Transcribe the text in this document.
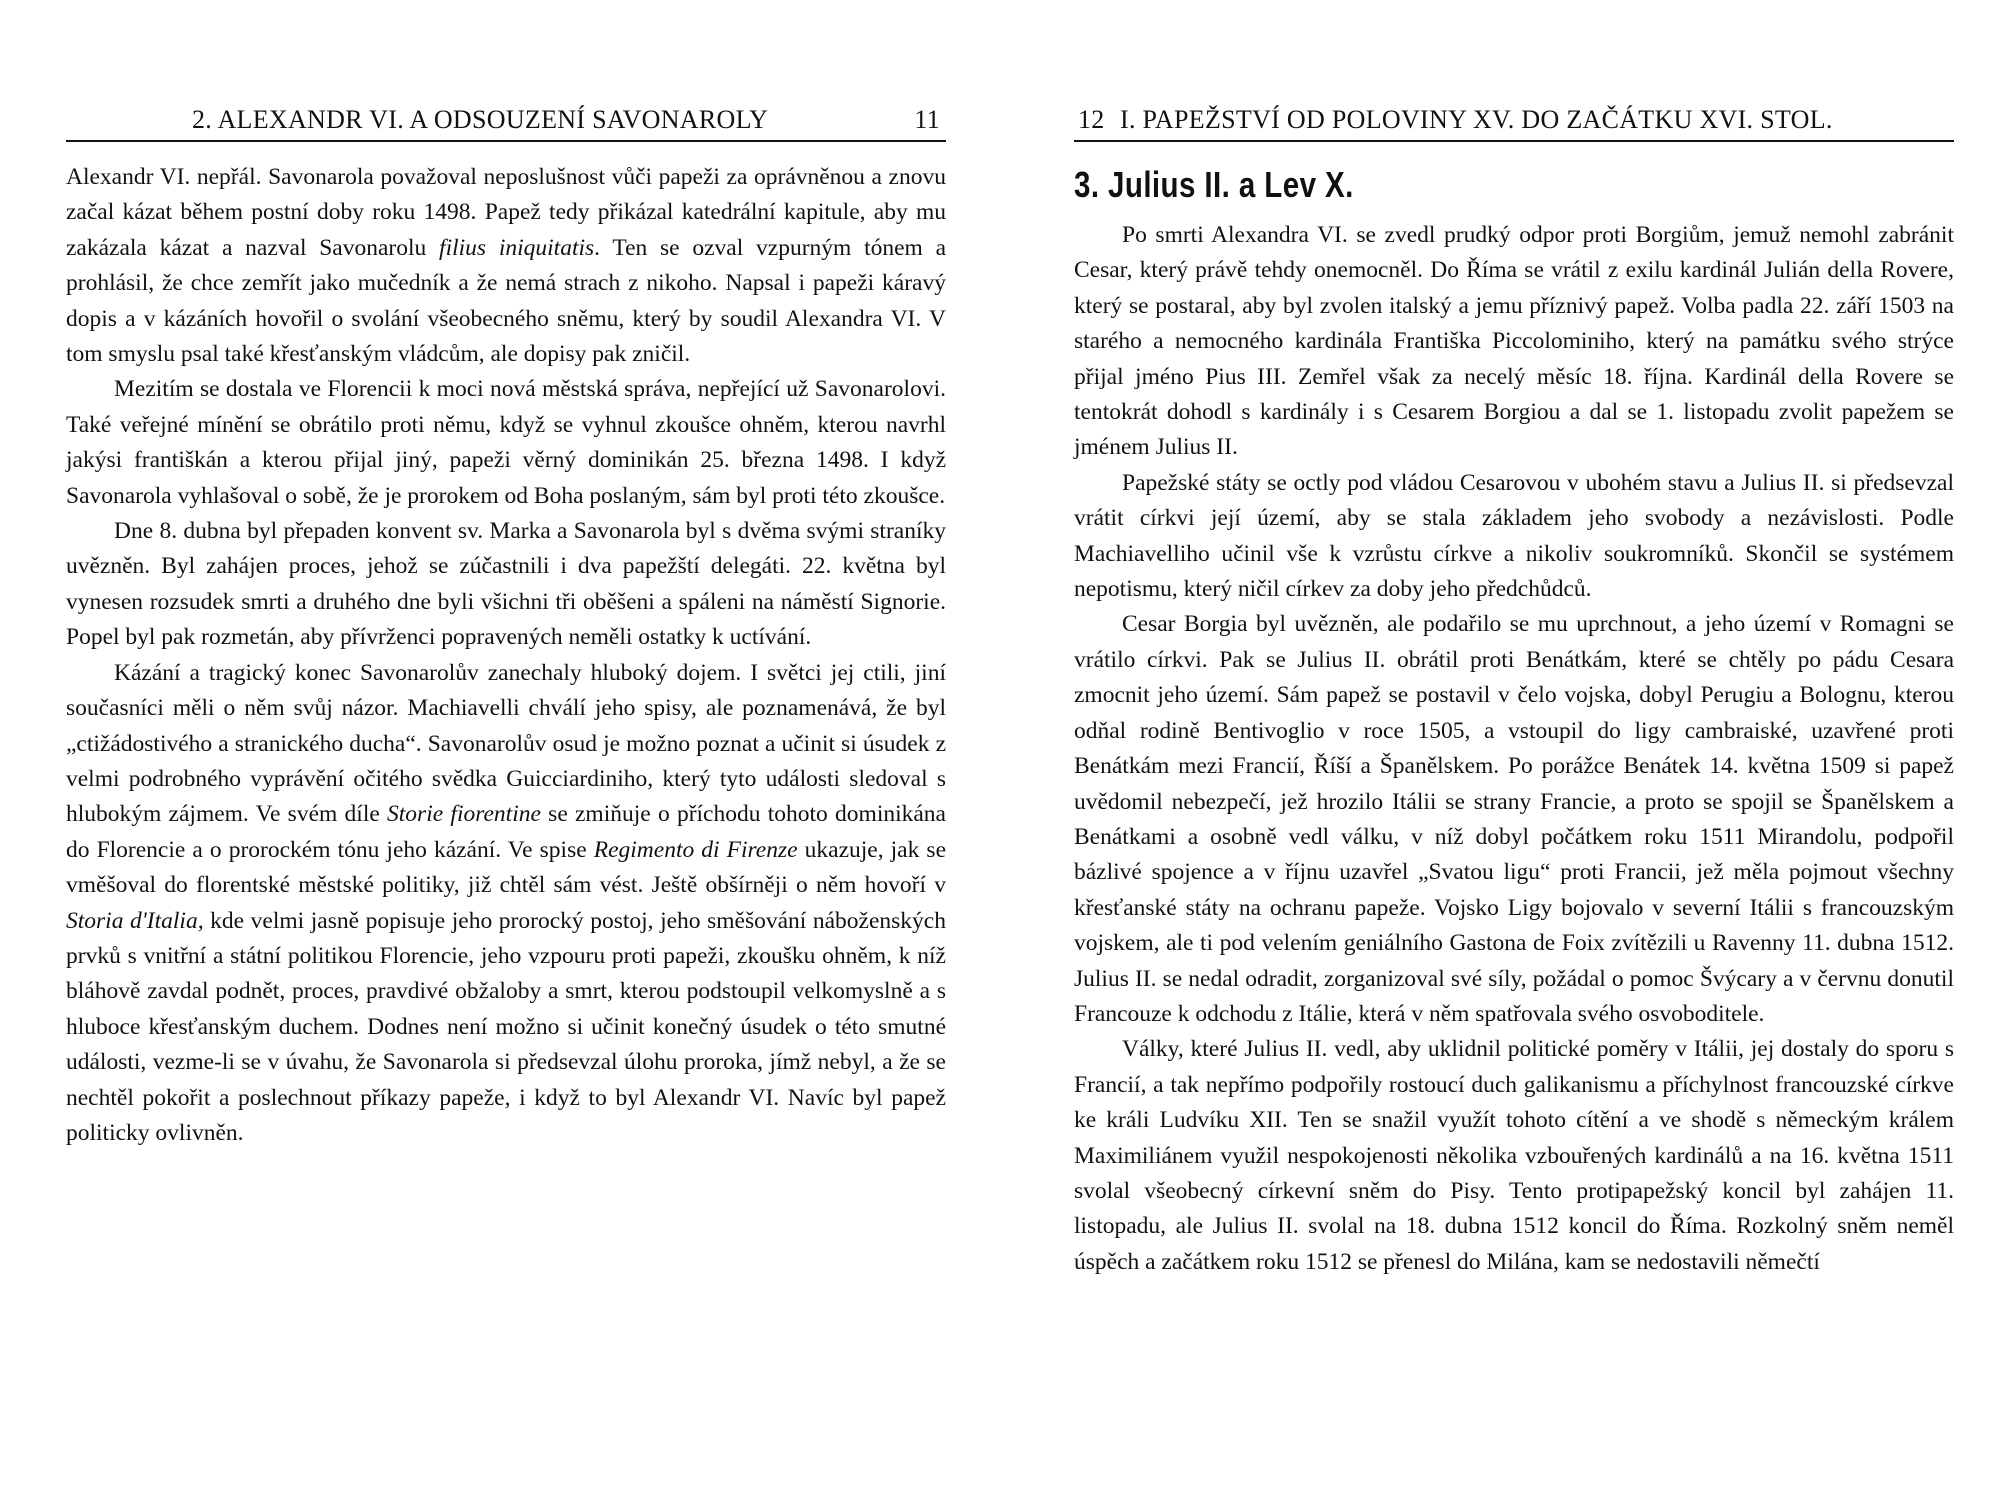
2. ALEXANDR VI. A ODSOUZENÍ SAVONAROLY	11

Alexandr VI. nepřál. Savonarola považoval neposlušnost vůči papeži za oprávněnou a znovu začal kázat během postní doby roku 1498. Papež tedy přikázal katedrální kapitule, aby mu zakázala kázat a nazval Savonarolu filius iniquitatis. Ten se ozval vzpurným tónem a prohlásil, že chce zemřít jako mučedník a že nemá strach z nikoho. Napsal i papeži káravý dopis a v kázáních hovořil o svolání všeobecného sněmu, který by soudil Alexandra VI. V tom smyslu psal také křesťanským vládcům, ale dopisy pak zničil.

Mezitím se dostala ve Florencii k moci nová městská správa, nepřející už Savonarolovi. Také veřejné mínění se obrátilo proti němu, když se vyhnul zkoušce ohněm, kterou navrhl jakýsi františkán a kterou přijal jiný, papeži věrný dominikán 25. března 1498. I když Savonarola vyhlašoval o sobě, že je prorokem od Boha poslaným, sám byl proti této zkoušce.

Dne 8. dubna byl přepaden konvent sv. Marka a Savonarola byl s dvěma svými straníky uvězněn. Byl zahájen proces, jehož se zúčastnili i dva papežští delegáti. 22. května byl vynesen rozsudek smrti a druhého dne byli všichni tři oběšeni a spáleni na náměstí Signorie. Popel byl pak rozmetán, aby přívrženci popravených neměli ostatky k uctívání.

Kázání a tragický konec Savonarolův zanechaly hluboký dojem. I světci jej ctili, jiní současníci měli o něm svůj názor. Machiavelli chválí jeho spisy, ale poznamenává, že byl „ctižádostivého a stranického ducha“. Savonarolův osud je možno poznat a učinit si úsudek z velmi podrobného vyprávění očitého svědka Guicciardiniho, který tyto události sledoval s hlubokým zájmem. Ve svém díle Storie fiorentine se zmiňuje o příchodu tohoto dominikána do Florencie a o prorockém tónu jeho kázání. Ve spise Regimento di Firenze ukazuje, jak se vměšoval do florentské městské politiky, již chtěl sám vést. Ještě obšírněji o něm hovoří v Storia d'Italia, kde velmi jasně popisuje jeho prorocký postoj, jeho směšování náboženských prvků s vnitřní a státní politikou Florencie, jeho vzpouru proti papeži, zkoušku ohněm, k níž bláhově zavdal podnět, proces, pravdivé obžaloby a smrt, kterou podstoupil velkomyslně a s hluboce křesťanským duchem. Dodnes není možno si učinit konečný úsudek o této smutné události, vezme-li se v úvahu, že Savonarola si předsevzal úlohu proroka, jímž nebyl, a že se nechtěl pokořit a poslechnout příkazy papeže, i když to byl Alexandr VI. Navíc byl papež politicky ovlivněn.

12 I. PAPEŽSTVÍ OD POLOVINY XV. DO ZAČÁTKU XVI. STOL.
3. Julius II. a Lev X.

Po smrti Alexandra VI. se zvedl prudký odpor proti Borgiům, jemuž nemohl zabránit Cesar, který právě tehdy onemocněl. Do Říma se vrátil z exilu kardinál Julián della Rovere, který se postaral, aby byl zvolen italský a jemu příznivý papež. Volba padla 22. září 1503 na starého a nemocného kardinála Františka Piccolominiho, který na památku svého strýce přijal jméno Pius III. Zemřel však za necelý měsíc 18. října. Kardinál della Rovere se tentokrát dohodl s kardinály i s Cesarem Borgiou a dal se 1. listopadu zvolit papežem se jménem Julius II.

Papežské státy se octly pod vládou Cesarovou v ubohém stavu a Julius II. si předsevzal vrátit církvi její území, aby se stala základem jeho svobody a nezávislosti. Podle Machiavelliho učinil vše k vzrůstu církve a nikoliv soukromníků. Skončil se systémem nepotismu, který ničil církev za doby jeho předchůdců.

Cesar Borgia byl uvězněn, ale podařilo se mu uprchnout, a jeho území v Romagni se vrátilo církvi. Pak se Julius II. obrátil proti Benátkám, které se chtěly po pádu Cesara zmocnit jeho území. Sám papež se postavil v čelo vojska, dobyl Perugiu a Bolognu, kterou odňal rodině Bentivoglio v roce 1505, a vstoupil do ligy cambraiské, uzavřené proti Benátkám mezi Francií, Říší a Španělskem. Po porážce Benátek 14. května 1509 si papež uvědomil nebezpečí, jež hrozilo Itálii se strany Francie, a proto se spojil se Španělskem a Benátkami a osobně vedl válku, v níž dobyl počátkem roku 1511 Mirandolu, podpořil bázlivé spojence a v říjnu uzavřel „Svatou ligu“ proti Francii, jež měla pojmout všechny křesťanské státy na ochranu papeže. Vojsko Ligy bojovalo v severní Itálii s francouzským vojskem, ale ti pod velením geniálního Gastona de Foix zvítězili u Ravenny 11. dubna 1512. Julius II. se nedal odradit, zorganizoval své síly, požádal o pomoc Švýcary a v červnu donutil Francouze k odchodu z Itálie, která v něm spatřovala svého osvoboditele.

Války, které Julius II. vedl, aby uklidnil politické poměry v Itálii, jej dostaly do sporu s Francií, a tak nepřímo podpořily rostoucí duch galikanismu a příchylnost francouzské církve ke králi Ludvíku XII. Ten se snažil využít tohoto cítění a ve shodě s německým králem Maximiliánem využil nespokojenosti několika vzbouřených kardinálů a na 16. května 1511 svolal všeobecný církevní sněm do Pisy. Tento protipapežský koncil byl zahájen 11. listopadu, ale Julius II. svolal na 18. dubna 1512 koncil do Říma. Rozkolný sněm neměl úspěch a začátkem roku 1512 se přenesl do Milána, kam se nedostavili němečtí
